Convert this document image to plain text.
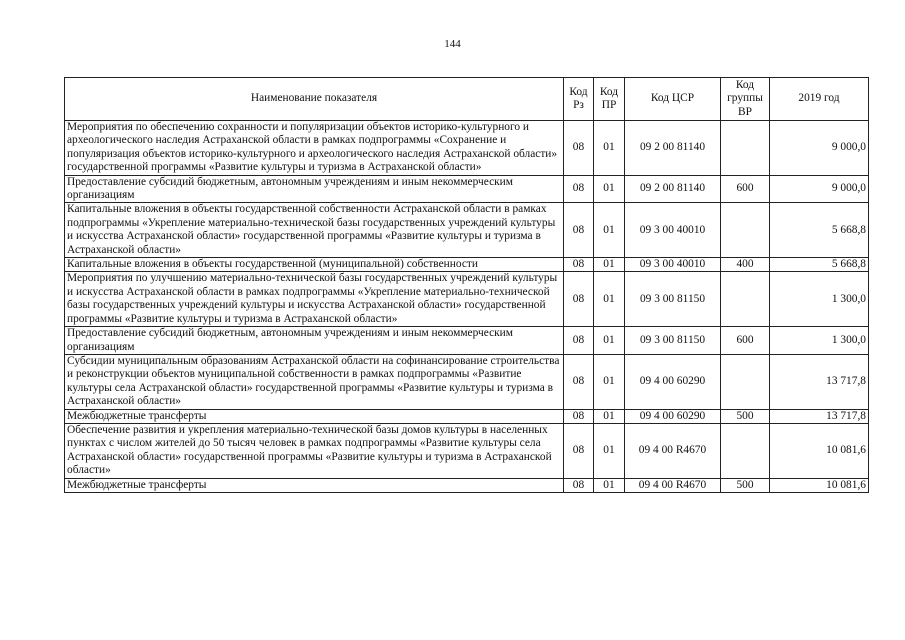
144
Наименование показателя	Код Рз	Код ПР	Код ЦСР	Код группы ВР	2019 год
Мероприятия по обеспечению сохранности и популяризации объектов историко-культурного и археологического наследия Астраханской области в рамках подпрограммы «Сохранение и популяризация объектов историко-культурного и археологического наследия Астраханской области» государственной программы «Развитие культуры и туризма в Астраханской области»	08	01	09 2 00 81140		9 000,0
Предоставление субсидий бюджетным, автономным учреждениям и иным некоммерческим организациям	08	01	09 2 00 81140	600	9 000,0
Капитальные вложения в объекты государственной собственности Астраханской области в рамках подпрограммы «Укрепление материально-технической базы государственных учреждений культуры и искусства Астраханской области» государственной программы «Развитие культуры и туризма в Астраханской области»	08	01	09 3 00 40010		5 668,8
Капитальные вложения в объекты государственной (муниципальной) собственности	08	01	09 3 00 40010	400	5 668,8
Мероприятия по улучшению материально-технической базы государственных учреждений культуры и искусства Астраханской области в рамках подпрограммы «Укрепление материально-технической базы государственных учреждений культуры и искусства Астраханской области» государственной программы «Развитие культуры и туризма в Астраханской области»	08	01	09 3 00 81150		1 300,0
Предоставление субсидий бюджетным, автономным учреждениям и иным некоммерческим организациям	08	01	09 3 00 81150	600	1 300,0
Субсидии муниципальным образованиям Астраханской области на софинансирование строительства и реконструкции объектов муниципальной собственности в рамках подпрограммы «Развитие культуры села Астраханской области» государственной программы «Развитие культуры и туризма в Астраханской области»	08	01	09 4 00 60290		13 717,8
Межбюджетные трансферты	08	01	09 4 00 60290	500	13 717,8
Обеспечение развития и укрепления материально-технической базы домов культуры в населенных пунктах с числом жителей до 50 тысяч человек в рамках подпрограммы «Развитие культуры села Астраханской области» государственной программы «Развитие культуры и туризма в Астраханской области»	08	01	09 4 00 R4670		10 081,6
Межбюджетные трансферты	08	01	09 4 00 R4670	500	10 081,6
